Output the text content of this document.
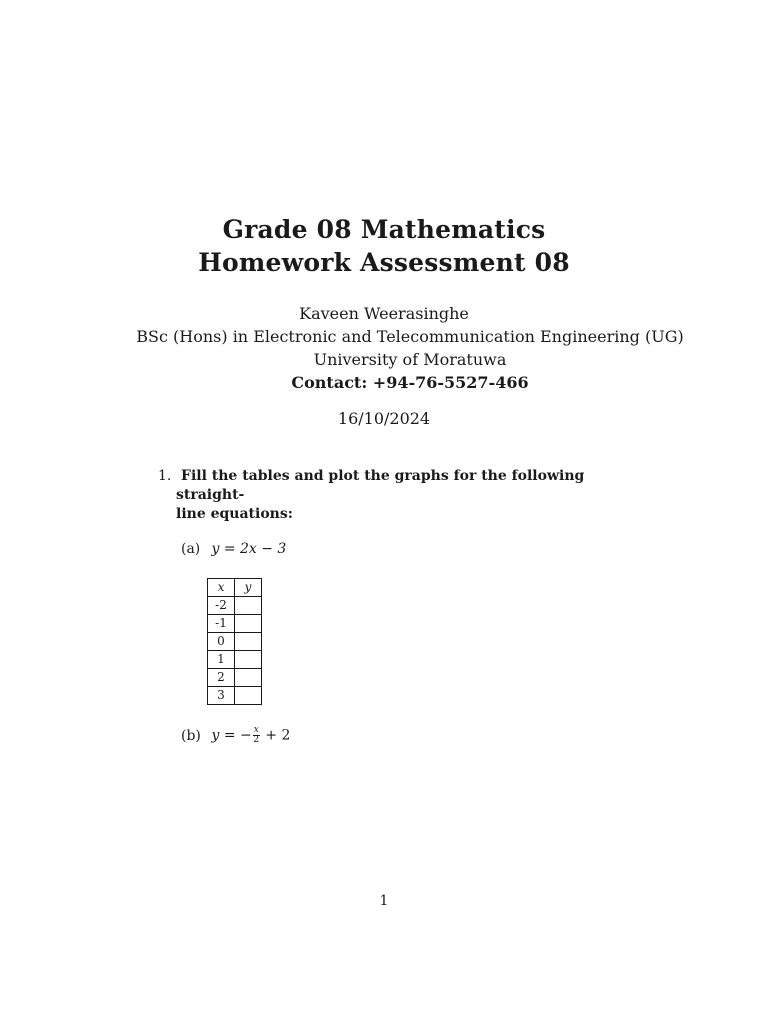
Grade 08 Mathematics
Homework Assessment 08
Kaveen Weerasinghe
BSc (Hons) in Electronic and Telecommunication Engineering (UG)
University of Moratuwa
Contact: +94-76-5527-466
16/10/2024
1. Fill the tables and plot the graphs for the following straight-
line equations:
(a) y = 2x − 3
x	y
-2	
-1	
0	
1	
2	
3	
(b) y = − $\frac{x}{2} + 2$
1
